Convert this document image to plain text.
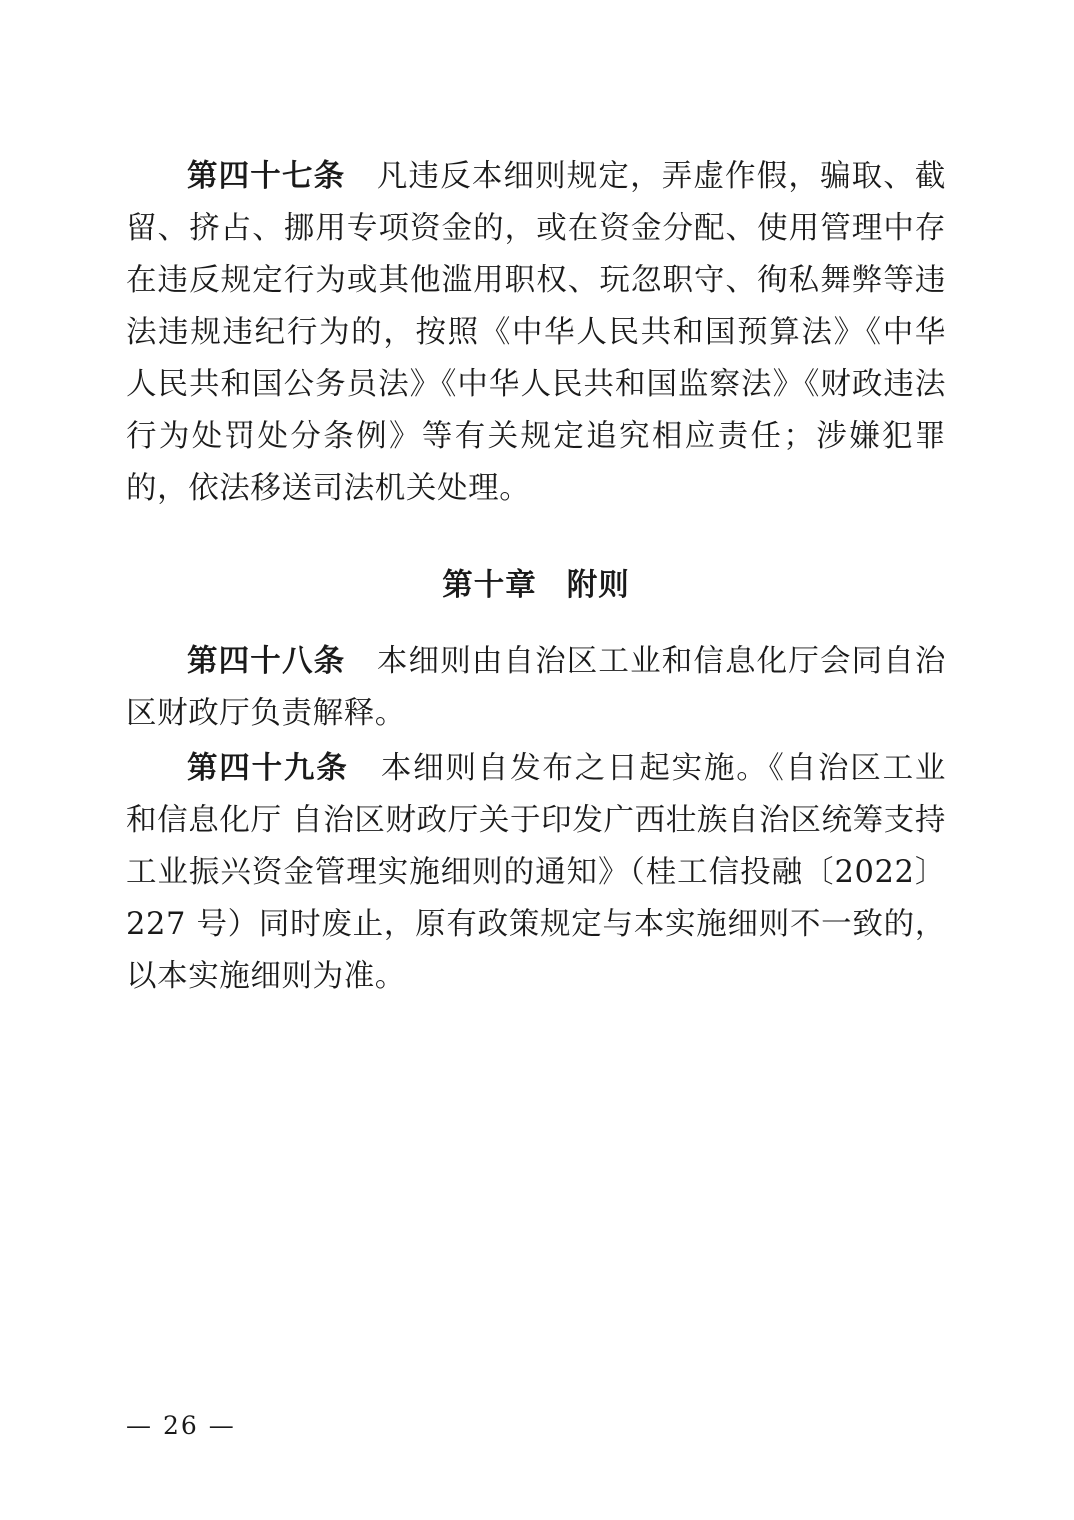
第四十七条　凡违反本细则规定，弄虚作假，骗取、截留、挤占、挪用专项资金的，或在资金分配、使用管理中存在违反规定行为或其他滥用职权、玩忽职守、徇私舞弊等违法违规违纪行为的，按照《中华人民共和国预算法》《中华人民共和国公务员法》《中华人民共和国监察法》《财政违法行为处罚处分条例》等有关规定追究相应责任；涉嫌犯罪的，依法移送司法机关处理。

第十章 附则

第四十八条　本细则由自治区工业和信息化厅会同自治区财政厅负责解释。

第四十九条　本细则自发布之日起实施。《自治区工业和信息化厅 自治区财政厅关于印发广西壮族自治区统筹支持工业振兴资金管理实施细则的通知》（桂工信投融〔2022〕227 号）同时废止，原有政策规定与本实施细则不一致的，以本实施细则为准。

— 26 —
